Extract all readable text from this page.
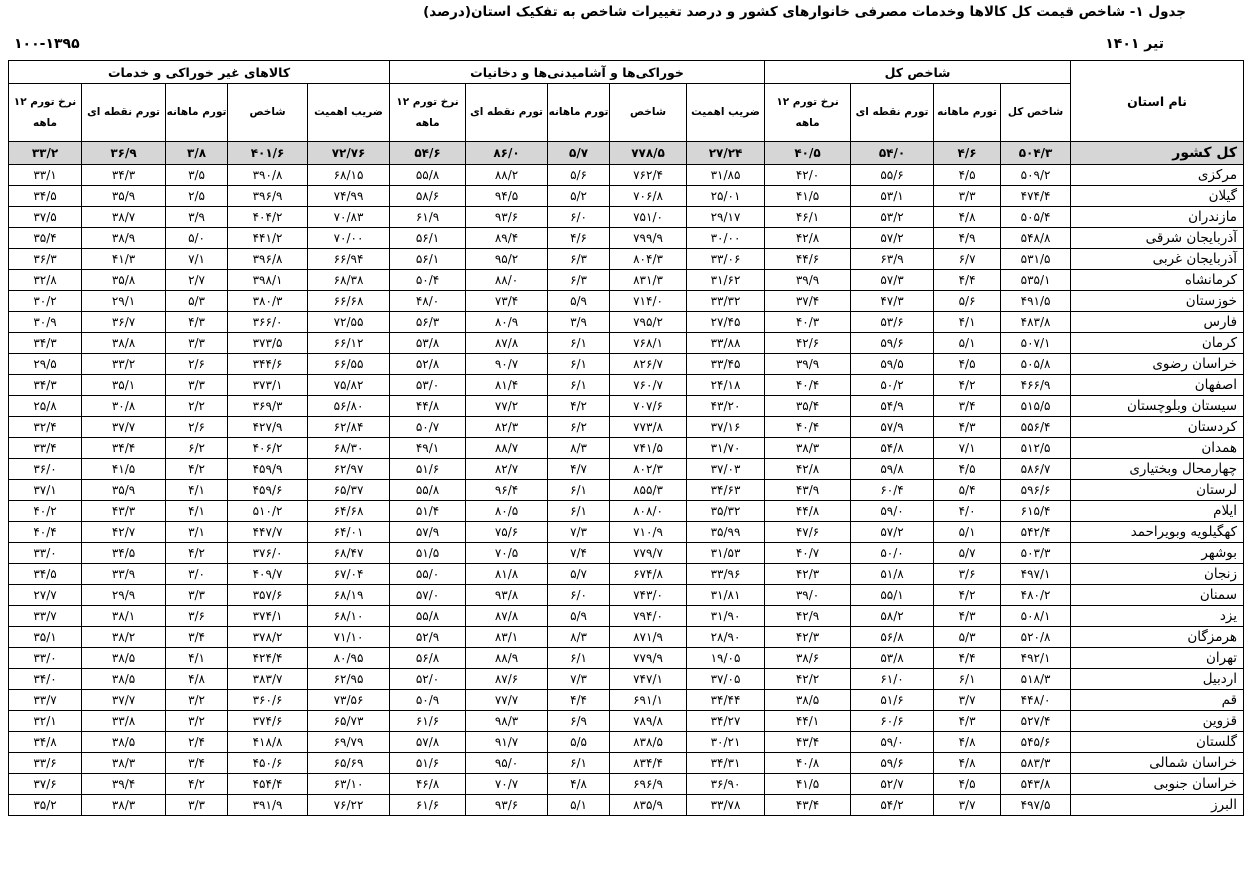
جدول ۱- شاخص قیمت کل کالاها وخدمات مصرفی خانوارهای کشور و درصد تغییرات شاخص به تفکیک استان(درصد)
تیر ۱۴۰۱
۱۰۰-۱۳۹۵
نام استان	شاخص کل				خوراکی‌ها و آشامیدنی‌ها و دخانیات					کالاهای غیر خوراکی و خدمات				
	شاخص کل	تورم ماهانه	تورم نقطه ای	نرخ تورم ۱۲ ماهه	ضریب اهمیت	شاخص	تورم ماهانه	تورم نقطه ای	نرخ تورم ۱۲ ماهه	ضریب اهمیت	شاخص	تورم ماهانه	تورم نقطه ای	نرخ تورم ۱۲ ماهه
کل کشور	۵۰۴/۳	۴/۶	۵۴/۰	۴۰/۵	۲۷/۲۴	۷۷۸/۵	۵/۷	۸۶/۰	۵۴/۶	۷۲/۷۶	۴۰۱/۶	۳/۸	۳۶/۹	۳۳/۲
مرکزی	۵۰۹/۲	۴/۵	۵۵/۶	۴۲/۰	۳۱/۸۵	۷۶۲/۴	۵/۶	۸۸/۲	۵۵/۸	۶۸/۱۵	۳۹۰/۸	۳/۵	۳۴/۳	۳۳/۱
گیلان	۴۷۴/۴	۳/۳	۵۳/۱	۴۱/۵	۲۵/۰۱	۷۰۶/۸	۵/۲	۹۴/۵	۵۸/۶	۷۴/۹۹	۳۹۶/۹	۲/۵	۳۵/۹	۳۴/۵
مازندران	۵۰۵/۴	۴/۸	۵۳/۲	۴۶/۱	۲۹/۱۷	۷۵۱/۰	۶/۰	۹۳/۶	۶۱/۹	۷۰/۸۳	۴۰۴/۲	۳/۹	۳۸/۷	۳۷/۵
آذربایجان شرقی	۵۴۸/۸	۴/۹	۵۷/۲	۴۲/۸	۳۰/۰۰	۷۹۹/۹	۴/۶	۸۹/۴	۵۶/۱	۷۰/۰۰	۴۴۱/۲	۵/۰	۳۸/۹	۳۵/۴
آذربایجان غربی	۵۳۱/۵	۶/۷	۶۳/۹	۴۴/۶	۳۳/۰۶	۸۰۴/۳	۶/۳	۹۵/۲	۵۶/۱	۶۶/۹۴	۳۹۶/۸	۷/۱	۴۱/۳	۳۶/۳
کرمانشاه	۵۳۵/۱	۴/۴	۵۷/۳	۳۹/۹	۳۱/۶۲	۸۳۱/۳	۶/۳	۸۸/۰	۵۰/۴	۶۸/۳۸	۳۹۸/۱	۲/۷	۳۵/۸	۳۲/۸
خوزستان	۴۹۱/۵	۵/۶	۴۷/۳	۳۷/۴	۳۳/۳۲	۷۱۴/۰	۵/۹	۷۳/۴	۴۸/۰	۶۶/۶۸	۳۸۰/۳	۵/۳	۲۹/۱	۳۰/۲
فارس	۴۸۳/۸	۴/۱	۵۳/۶	۴۰/۳	۲۷/۴۵	۷۹۵/۲	۳/۹	۸۰/۹	۵۶/۳	۷۲/۵۵	۳۶۶/۰	۴/۳	۳۶/۷	۳۰/۹
کرمان	۵۰۷/۱	۵/۱	۵۹/۶	۴۲/۶	۳۳/۸۸	۷۶۸/۱	۶/۱	۸۷/۸	۵۳/۸	۶۶/۱۲	۳۷۳/۵	۳/۳	۳۸/۸	۳۴/۳
خراسان رضوی	۵۰۵/۸	۴/۵	۵۹/۵	۳۹/۹	۳۳/۴۵	۸۲۶/۷	۶/۱	۹۰/۷	۵۲/۸	۶۶/۵۵	۳۴۴/۶	۲/۶	۳۳/۲	۲۹/۵
اصفهان	۴۶۶/۹	۴/۲	۵۰/۲	۴۰/۴	۲۴/۱۸	۷۶۰/۷	۶/۱	۸۱/۴	۵۳/۰	۷۵/۸۲	۳۷۳/۱	۳/۳	۳۵/۱	۳۴/۳
سیستان وبلوچستان	۵۱۵/۵	۳/۴	۵۴/۹	۳۵/۴	۴۳/۲۰	۷۰۷/۶	۴/۲	۷۷/۲	۴۴/۸	۵۶/۸۰	۳۶۹/۳	۲/۲	۳۰/۸	۲۵/۸
کردستان	۵۵۶/۴	۴/۳	۵۷/۹	۴۰/۴	۳۷/۱۶	۷۷۳/۸	۶/۲	۸۲/۳	۵۰/۷	۶۲/۸۴	۴۲۷/۹	۲/۶	۳۷/۷	۳۲/۴
همدان	۵۱۲/۵	۷/۱	۵۴/۸	۳۸/۳	۳۱/۷۰	۷۴۱/۵	۸/۳	۸۸/۷	۴۹/۱	۶۸/۳۰	۴۰۶/۲	۶/۲	۳۴/۴	۳۳/۴
چهارمحال وبختیاری	۵۸۶/۷	۴/۵	۵۹/۸	۴۲/۸	۳۷/۰۳	۸۰۲/۳	۴/۷	۸۲/۷	۵۱/۶	۶۲/۹۷	۴۵۹/۹	۴/۲	۴۱/۵	۳۶/۰
لرستان	۵۹۶/۶	۵/۴	۶۰/۴	۴۳/۹	۳۴/۶۳	۸۵۵/۳	۶/۱	۹۶/۴	۵۵/۸	۶۵/۳۷	۴۵۹/۶	۴/۱	۳۵/۹	۳۷/۱
ایلام	۶۱۵/۴	۴/۰	۵۹/۰	۴۴/۸	۳۵/۳۲	۸۰۸/۰	۶/۱	۸۰/۵	۵۱/۴	۶۴/۶۸	۵۱۰/۲	۴/۱	۴۳/۳	۴۰/۲
کهگیلویه وبویراحمد	۵۴۲/۴	۵/۱	۵۷/۲	۴۷/۶	۳۵/۹۹	۷۱۰/۹	۷/۳	۷۵/۶	۵۷/۹	۶۴/۰۱	۴۴۷/۷	۳/۱	۴۲/۷	۴۰/۴
بوشهر	۵۰۳/۳	۵/۷	۵۰/۰	۴۰/۷	۳۱/۵۳	۷۷۹/۷	۷/۴	۷۰/۵	۵۱/۵	۶۸/۴۷	۳۷۶/۰	۴/۲	۳۴/۵	۳۳/۰
زنجان	۴۹۷/۱	۳/۶	۵۱/۸	۴۲/۳	۳۳/۹۶	۶۷۴/۸	۵/۷	۸۱/۸	۵۵/۰	۶۷/۰۴	۴۰۹/۷	۳/۰	۳۳/۹	۳۴/۵
سمنان	۴۸۰/۲	۴/۲	۵۵/۱	۳۹/۰	۳۱/۸۱	۷۴۳/۰	۶/۰	۹۳/۸	۵۷/۰	۶۸/۱۹	۳۵۷/۶	۳/۳	۲۹/۹	۲۷/۷
یزد	۵۰۸/۱	۴/۳	۵۸/۲	۴۲/۹	۳۱/۹۰	۷۹۴/۰	۵/۹	۸۷/۸	۵۵/۸	۶۸/۱۰	۳۷۴/۱	۳/۶	۳۸/۱	۳۳/۷
هرمزگان	۵۲۰/۸	۵/۳	۵۶/۸	۴۲/۳	۲۸/۹۰	۸۷۱/۹	۸/۳	۸۳/۱	۵۲/۹	۷۱/۱۰	۳۷۸/۲	۳/۴	۳۸/۲	۳۵/۱
تهران	۴۹۲/۱	۴/۴	۵۳/۸	۳۸/۶	۱۹/۰۵	۷۷۹/۹	۶/۱	۸۸/۹	۵۶/۸	۸۰/۹۵	۴۲۴/۴	۴/۱	۳۸/۵	۳۳/۰
اردبیل	۵۱۸/۳	۶/۱	۶۱/۰	۴۲/۲	۳۷/۰۵	۷۴۷/۱	۷/۳	۸۷/۶	۵۲/۰	۶۲/۹۵	۳۸۳/۷	۴/۸	۳۸/۵	۳۴/۰
قم	۴۴۸/۰	۳/۷	۵۱/۶	۳۸/۵	۳۴/۴۴	۶۹۱/۱	۴/۴	۷۷/۷	۵۰/۹	۷۳/۵۶	۳۶۰/۶	۳/۲	۳۷/۷	۳۳/۷
قزوین	۵۲۷/۴	۴/۳	۶۰/۶	۴۴/۱	۳۴/۲۷	۷۸۹/۸	۶/۹	۹۸/۳	۶۱/۶	۶۵/۷۳	۳۷۴/۶	۳/۲	۳۳/۸	۳۲/۱
گلستان	۵۴۵/۶	۴/۸	۵۹/۰	۴۳/۴	۳۰/۲۱	۸۳۸/۵	۵/۵	۹۱/۷	۵۷/۸	۶۹/۷۹	۴۱۸/۸	۲/۴	۳۸/۵	۳۴/۸
خراسان شمالی	۵۸۳/۳	۴/۸	۵۹/۶	۴۰/۸	۳۴/۳۱	۸۳۴/۴	۶/۱	۹۵/۰	۵۱/۶	۶۵/۶۹	۴۵۰/۶	۳/۴	۳۸/۳	۳۳/۶
خراسان جنوبی	۵۴۳/۸	۴/۵	۵۲/۷	۴۱/۵	۳۶/۹۰	۶۹۶/۹	۴/۸	۷۰/۷	۴۶/۸	۶۳/۱۰	۴۵۴/۴	۴/۲	۳۹/۴	۳۷/۶
البرز	۴۹۷/۵	۳/۷	۵۴/۲	۴۳/۴	۳۳/۷۸	۸۳۵/۹	۵/۱	۹۳/۶	۶۱/۶	۷۶/۲۲	۳۹۱/۹	۳/۳	۳۸/۳	۳۵/۲
